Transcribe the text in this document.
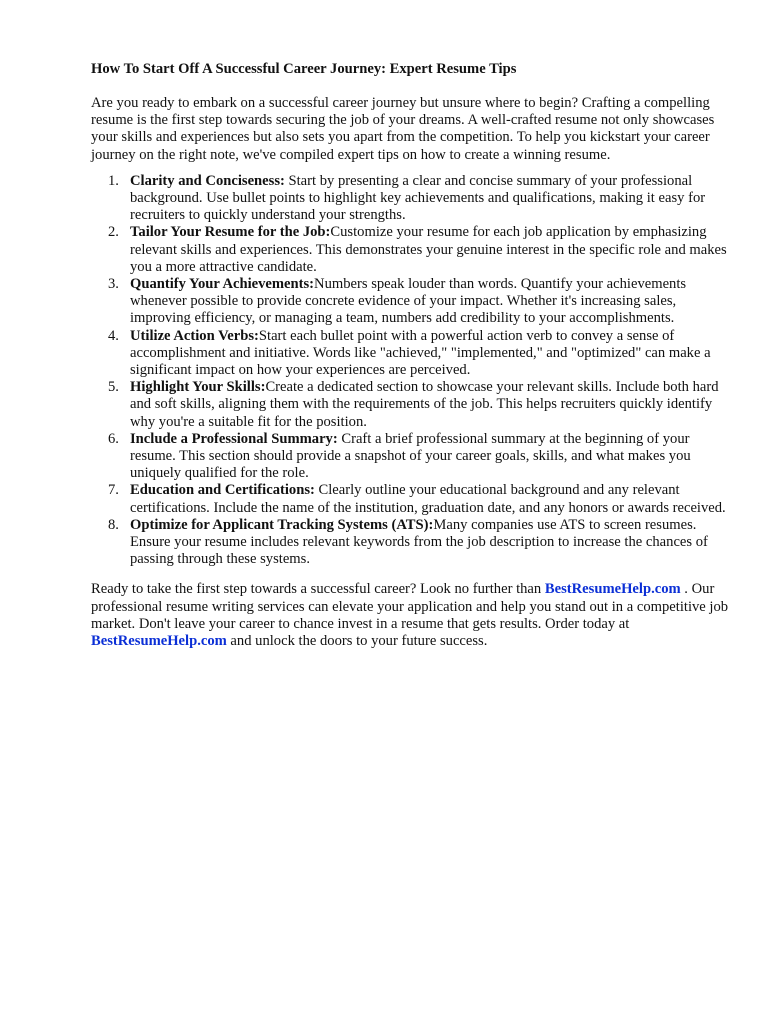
How To Start Off A Successful Career Journey: Expert Resume Tips

Are you ready to embark on a successful career journey but unsure where to begin? Crafting a compelling resume is the first step towards securing the job of your dreams. A well-crafted resume not only showcases your skills and experiences but also sets you apart from the competition. To help you kickstart your career journey on the right note, we've compiled expert tips on how to create a winning resume.

1. Clarity and Conciseness: Start by presenting a clear and concise summary of your professional background. Use bullet points to highlight key achievements and qualifications, making it easy for recruiters to quickly understand your strengths.
2. Tailor Your Resume for the Job:Customize your resume for each job application by emphasizing relevant skills and experiences. This demonstrates your genuine interest in the specific role and makes you a more attractive candidate.
3. Quantify Your Achievements:Numbers speak louder than words. Quantify your achievements whenever possible to provide concrete evidence of your impact. Whether it's increasing sales, improving efficiency, or managing a team, numbers add credibility to your accomplishments.
4. Utilize Action Verbs:Start each bullet point with a powerful action verb to convey a sense of accomplishment and initiative. Words like "achieved," "implemented," and "optimized" can make a significant impact on how your experiences are perceived.
5. Highlight Your Skills:Create a dedicated section to showcase your relevant skills. Include both hard and soft skills, aligning them with the requirements of the job. This helps recruiters quickly identify why you're a suitable fit for the position.
6. Include a Professional Summary: Craft a brief professional summary at the beginning of your resume. This section should provide a snapshot of your career goals, skills, and what makes you uniquely qualified for the role.
7. Education and Certifications: Clearly outline your educational background and any relevant certifications. Include the name of the institution, graduation date, and any honors or awards received.
8. Optimize for Applicant Tracking Systems (ATS):Many companies use ATS to screen resumes. Ensure your resume includes relevant keywords from the job description to increase the chances of passing through these systems.

Ready to take the first step towards a successful career? Look no further than BestResumeHelp.com . Our professional resume writing services can elevate your application and help you stand out in a competitive job market. Don't leave your career to chance invest in a resume that gets results. Order today at BestResumeHelp.com and unlock the doors to your future success.
